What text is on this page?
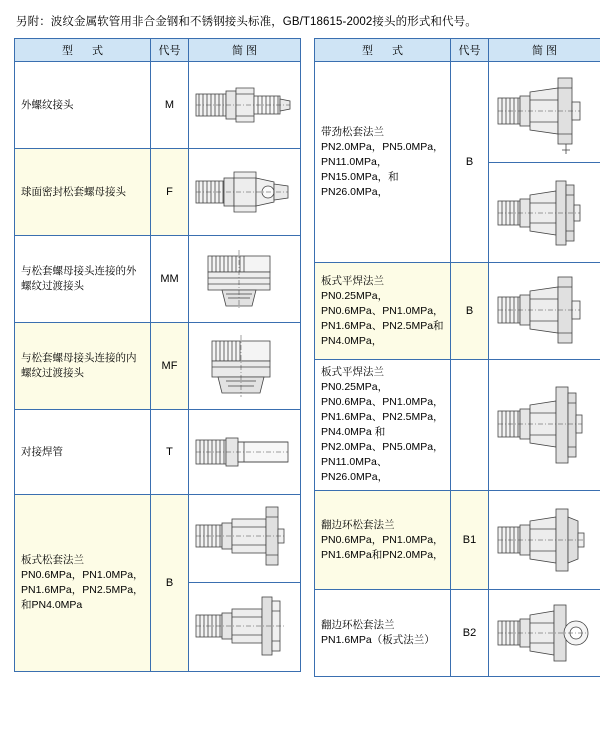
另附：波纹金属软管用非合金钢和不锈钢接头标准，GB/T18615-2002接头的形式和代号。
型 式	代号	简 图

外螺纹接头	M	

球面密封松套螺母接头	F	

与松套螺母接头连接的外螺纹过渡接头	MM	

与松套螺母接头连接的内螺纹过渡接头	MF	

对接焊管	T	

板式松套法兰 PN0.6MPa，PN1.0MPa，PN1.6MPa，PN2.5MPa，和PN4.0MPa	B	
型 式	代号	简 图

带劲松套法兰 PN2.0MPa，PN5.0MPa，PN11.0MPa，PN15.0MPa，和PN26.0MPa，	B	

板式平焊法兰 PN0.25MPa，PN0.6MPa、PN1.0MPa，PN1.6MPa、PN2.5MPa和PN4.0MPa，	B	

板式平焊法兰 PN0.25MPa，PN0.6MPa、PN1.0MPa，PN1.6MPa、PN2.5MPa，PN4.0MPa 和PN2.0MPa、PN5.0MPa，PN11.0MPa、PN26.0MPa，

翻边环松套法兰 PN0.6MPa，PN1.0MPa，PN1.6MPa和PN2.0MPa，	B1	

翻边环松套法兰 PN1.6MPa（板式法兰）	B2	
